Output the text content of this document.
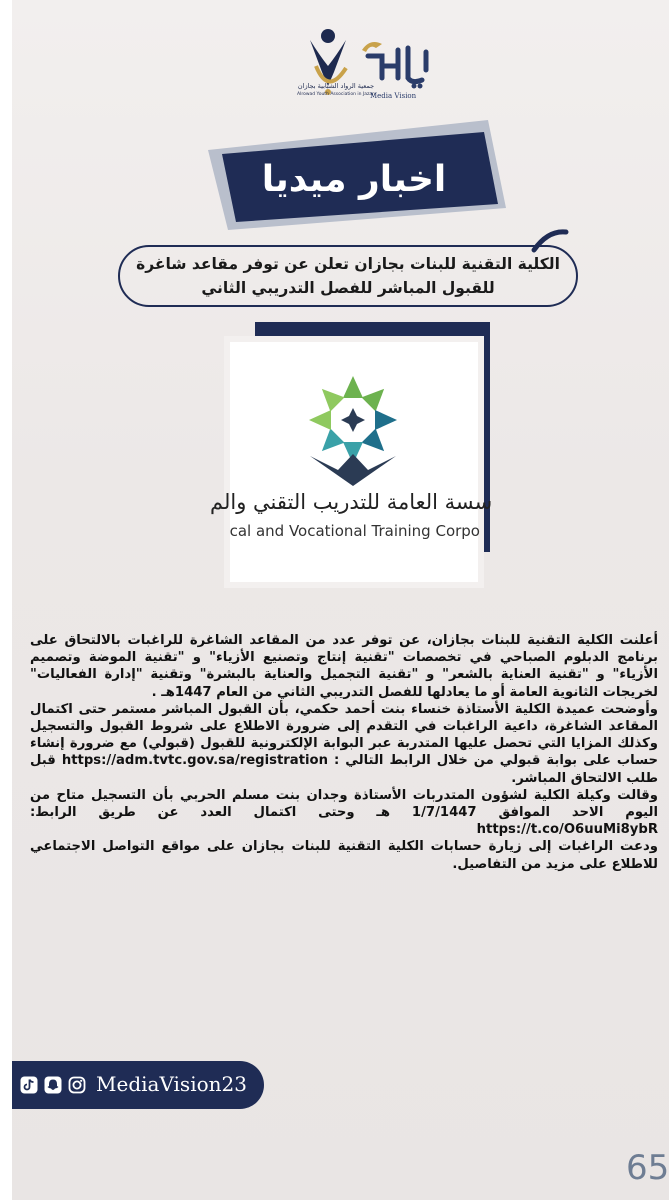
جمعية الرواد الشبابية بجازان
Alrowad Youth Association in Jazan
Media Vision
اخبار ميديا
الكلية التقنية للبنات بجازان تعلن عن توفر مقاعد شاغرة
للقبول المباشر للفصل التدريبي الثاني
سسة العامة للتدريب التقني والم
cal and Vocational Training Corpo

أعلنت الكلية التقنية للبنات بجازان، عن توفر عدد من المقاعد الشاغرة للراغبات بالالتحاق على برنامج الدبلوم الصباحي في تخصصات "تقنية إنتاج وتصنيع الأزياء" و "تقنية الموضة وتصميم الأزياء" و "تقنية العناية بالشعر" و "تقنية التجميل والعناية بالبشرة" وتقنية "إدارة الفعاليات" لخريجات الثانوية العامة أو ما يعادلها للفصل التدريبي الثاني من العام 1447هـ .

وأوضحت عميدة الكلية الأستاذة خنساء بنت أحمد حكمي، بأن القبول المباشر مستمر حتى اكتمال المقاعد الشاغرة، داعية الراغبات في التقدم إلى ضرورة الاطلاع على شروط القبول والتسجيل وكذلك المزايا التي تحصل عليها المتدربة عبر البوابة الإلكترونية للقبول (قبولي) مع ضرورة إنشاء حساب على بوابة قبولي من خلال الرابط التالي : https://adm.tvtc.gov.sa/registration قبل طلب الالتحاق المباشر.

وقالت وكيلة الكلية لشؤون المتدربات الأستاذة وجدان بنت مسلم الحربي بأن التسجيل متاح من اليوم الاحد الموافق 1/7/1447 هـ وحتى اكتمال العدد عن طريق الرابط: https://t.co/O6uuMi8ybR

ودعت الراغبات إلى زيارة حسابات الكلية التقنية للبنات بجازان على مواقع التواصل الاجتماعي للاطلاع على مزيد من التفاصيل.

65
MediaVision23
